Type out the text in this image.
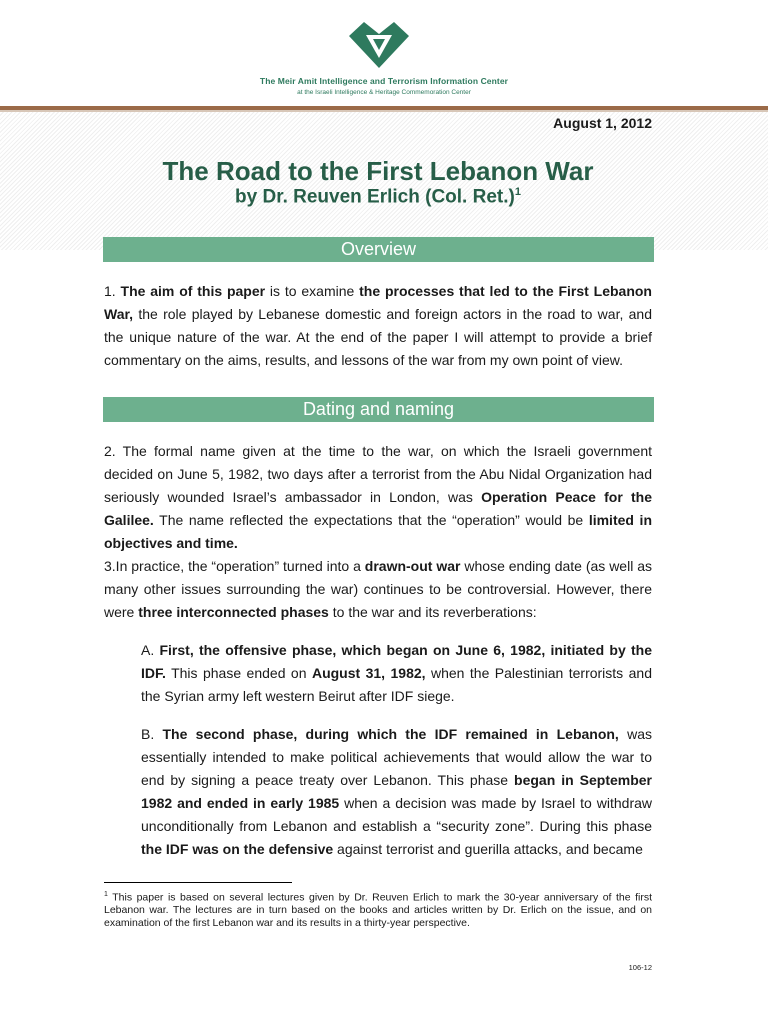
The Meir Amit Intelligence and Terrorism Information Center
at the Israeli Intelligence & Heritage Commemoration Center
August 1, 2012
The Road to the First Lebanon War
by Dr. Reuven Erlich (Col. Ret.)$^1$
Overview
1. The aim of this paper is to examine the processes that led to the First Lebanon War, the role played by Lebanese domestic and foreign actors in the road to war, and the unique nature of the war. At the end of the paper I will attempt to provide a brief commentary on the aims, results, and lessons of the war from my own point of view.
Dating and naming
2. The formal name given at the time to the war, on which the Israeli government decided on June 5, 1982, two days after a terrorist from the Abu Nidal Organization had seriously wounded Israel’s ambassador in London, was Operation Peace for the Galilee. The name reflected the expectations that the “operation” would be limited in objectives and time.
3.In practice, the “operation” turned into a drawn-out war whose ending date (as well as many other issues surrounding the war) continues to be controversial. However, there were three interconnected phases to the war and its reverberations:
A. First, the offensive phase, which began on June 6, 1982, initiated by the IDF. This phase ended on August 31, 1982, when the Palestinian terrorists and the Syrian army left western Beirut after IDF siege.
B. The second phase, during which the IDF remained in Lebanon, was essentially intended to make political achievements that would allow the war to end by signing a peace treaty over Lebanon. This phase began in September 1982 and ended in early 1985 when a decision was made by Israel to withdraw unconditionally from Lebanon and establish a “security zone”. During this phase the IDF was on the defensive against terrorist and guerilla attacks, and became
$^1$ This paper is based on several lectures given by Dr. Reuven Erlich to mark the 30-year anniversary of the first Lebanon war. The lectures are in turn based on the books and articles written by Dr. Erlich on the issue, and on examination of the first Lebanon war and its results in a thirty-year perspective.
106-12
